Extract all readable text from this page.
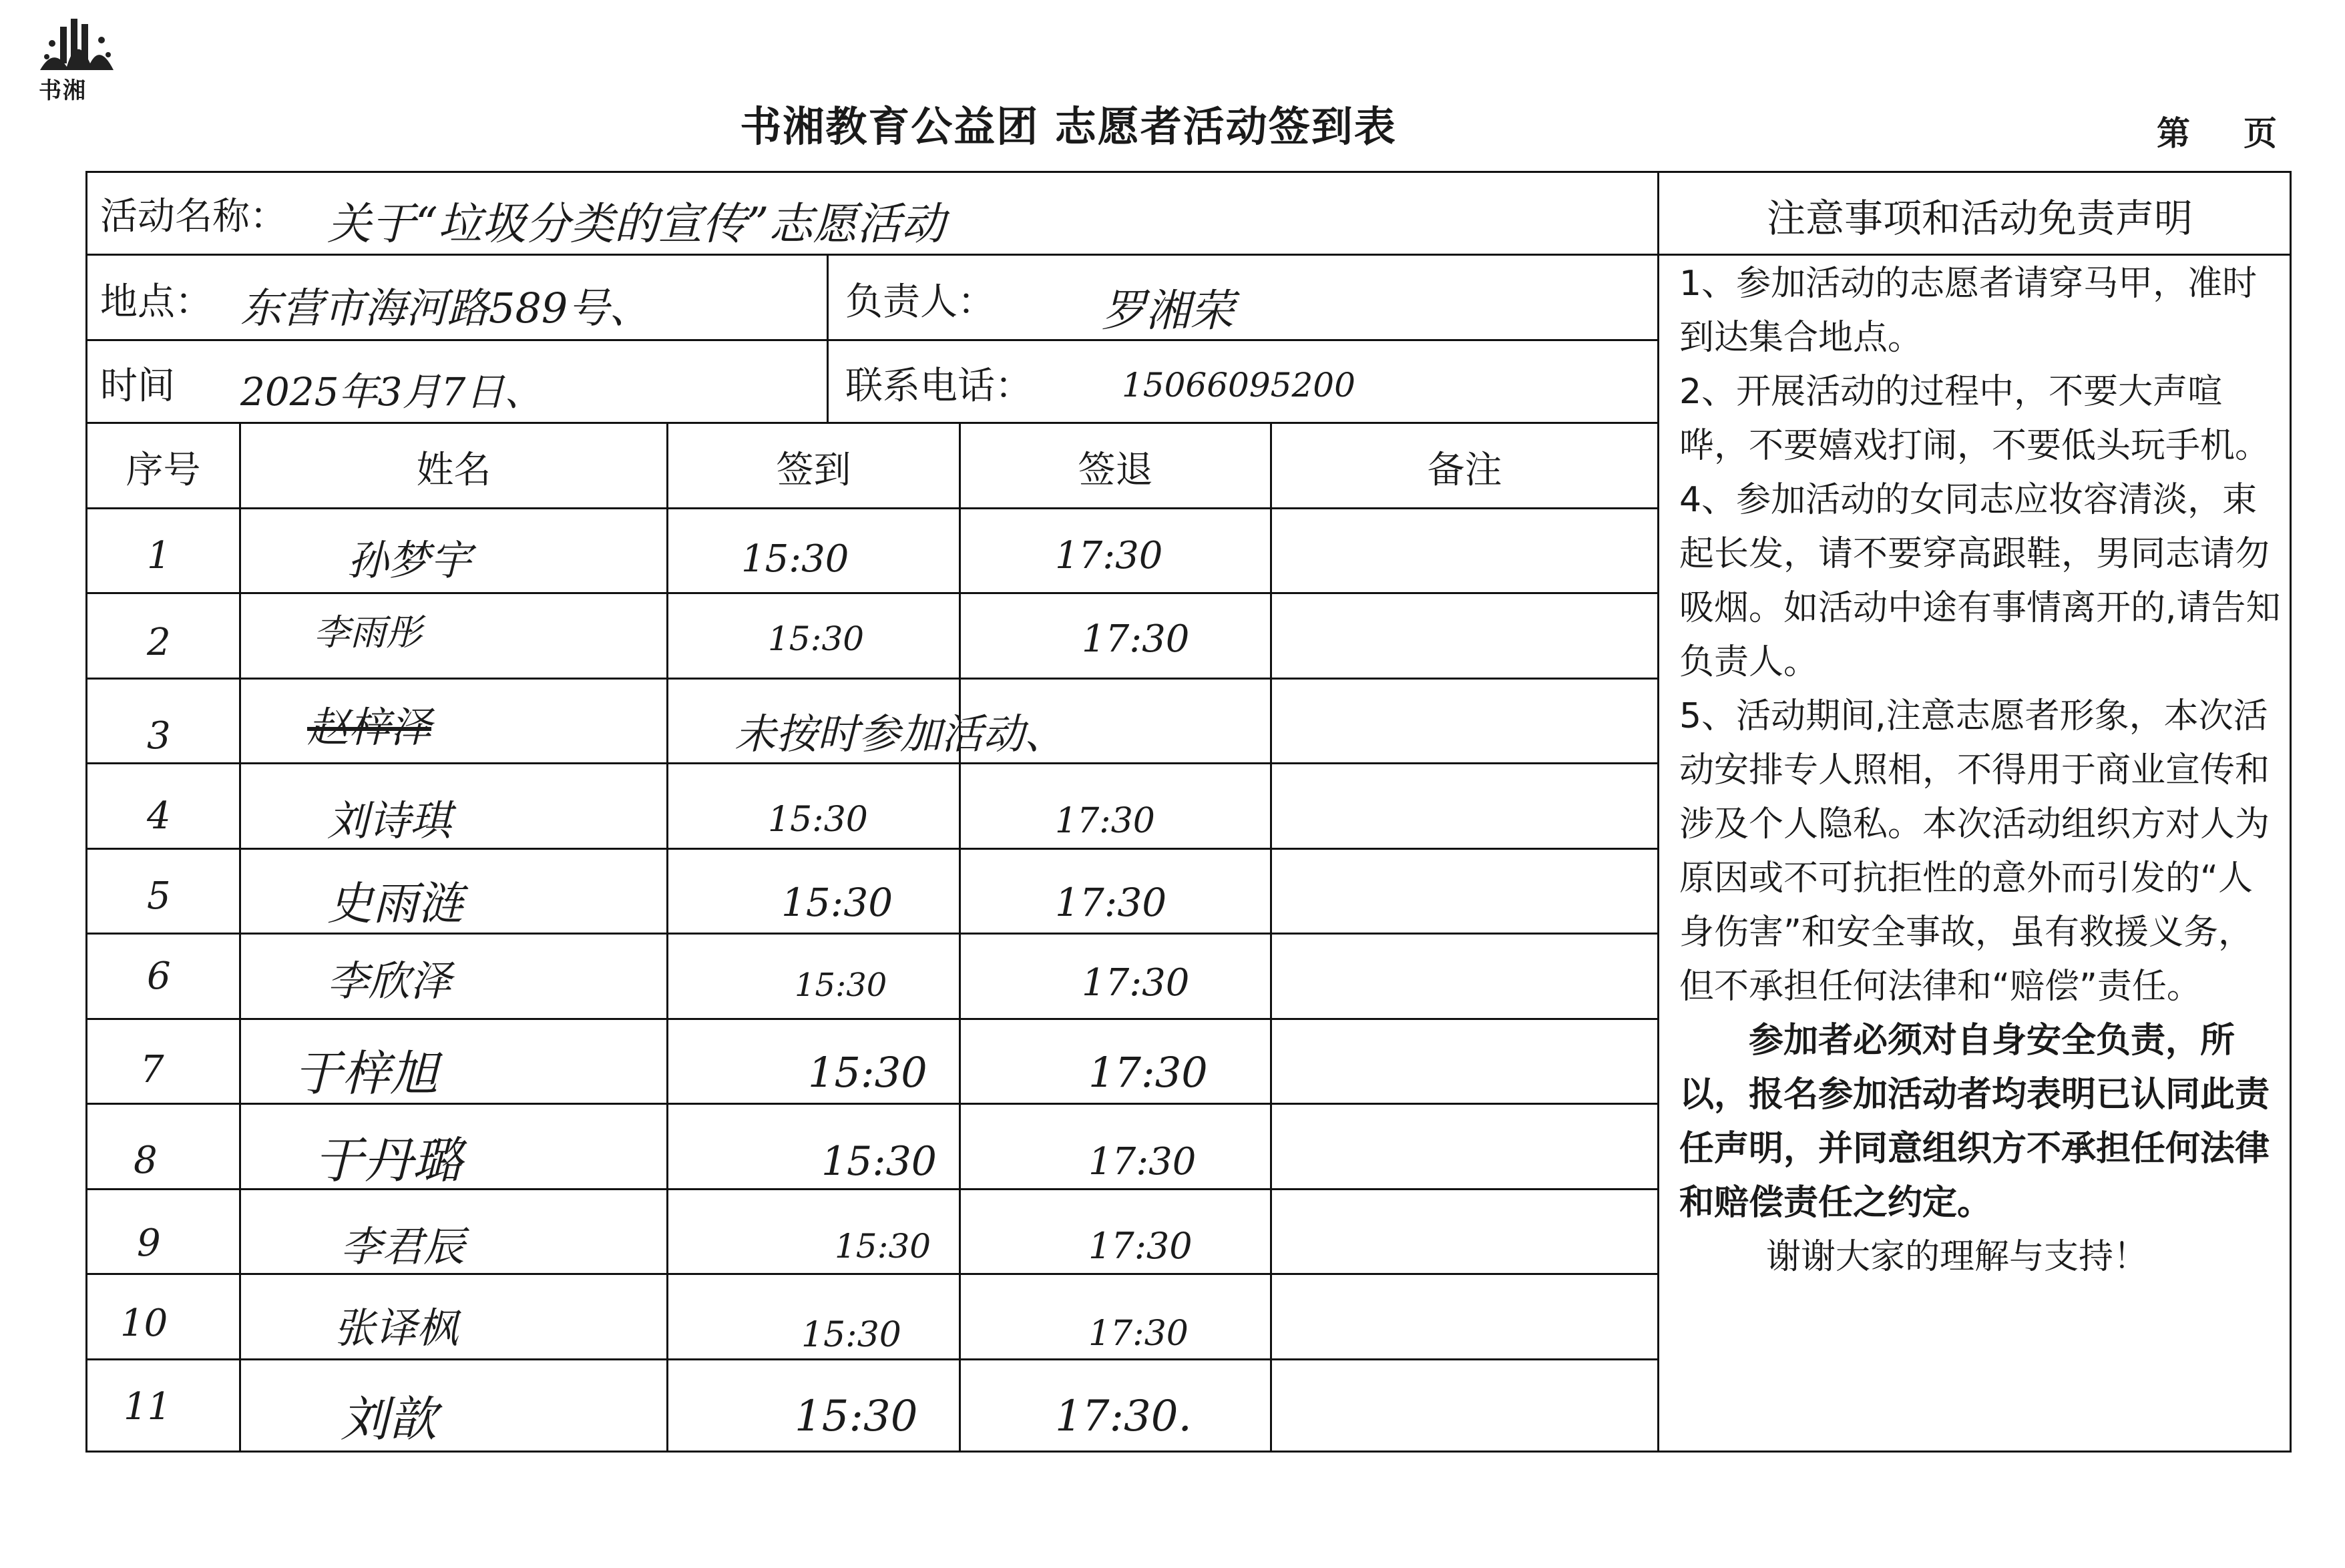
书湘
书湘教育公益团 志愿者活动签到表	第 页
活动名称： 关于“垃圾分类的宣传”志愿活动
地点： 东营市海河路589号、	负责人： 罗湘荣
时间 2025年3月7日、	联系电话：	15066095200
序号	姓名	签到	签退	备注
1	孙梦宇	15:30	17:30
2	李雨彤	15:30	17:30
3	赵梓泽	未按时参加活动、
4	刘诗琪	15:30	17:30
5	史雨涟	15:30	17:30
6	李欣泽	15:30	17:30
7	于梓旭	15:30	17:30
8	于丹璐	15:30	17:30
9	李君辰	15:30	17:30
10	张译枫	15:30	17:30
11	刘歆	15:30	17:30.
注意事项和活动免责声明

1、参加活动的志愿者请穿马甲，准时到达集合地点。

2、开展活动的过程中，不要大声喧哗，不要嬉戏打闹，不要低头玩手机。

4、参加活动的女同志应妆容清淡，束起长发，请不要穿高跟鞋，男同志请勿吸烟。如活动中途有事情离开的,请告知负责人。

5、活动期间,注意志愿者形象，本次活动安排专人照相，不得用于商业宣传和涉及个人隐私。本次活动组织方对人为原因或不可抗拒性的意外而引发的“人身伤害”和安全事故，虽有救援义务，但不承担任何法律和“赔偿”责任。

参加者必须对自身安全负责，所以，报名参加活动者均表明已认同此责任声明，并同意组织方不承担任何法律和赔偿责任之约定。

谢谢大家的理解与支持！
